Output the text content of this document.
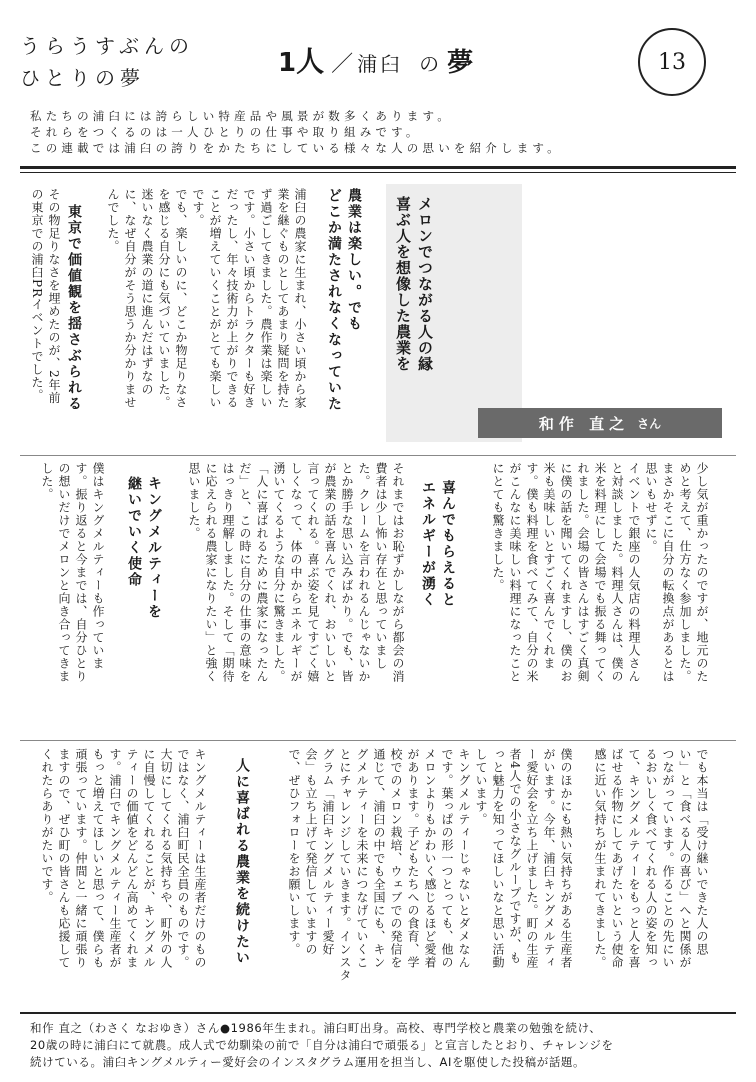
うらうすぶんの
ひとりの夢	1 人 ／ 浦臼 の 夢	13
私たちの浦臼には誇らしい特産品や風景が数多くあります。
それらをつくるのは一人ひとりの仕事や取り組みです。
この連載では浦臼の誇りをかたちにしている様々な人の思いを紹介します。
メロンでつながる人の縁
喜ぶ人を想像した農業を
和作 直之 さん
農業は楽しい。でも
どこか満たされなくなっていた
浦臼の農家に生まれ、小さい頃から家
業を継ぐものとしてあまり疑問を持た
ず過ごしてきました。農作業は楽しい
です。小さい頃からトラクターも好き
だったし、年々技術力が上がりできる
ことが増えていくことがとても楽しい
です。
でも、楽しいのに、どこか物足りなさ
を感じる自分にも気づいていました。
迷いなく農業の道に進んだはずなの
に、なぜ自分がそう思うか分かりませ
んでした。
東京で価値観を揺さぶられる
その物足りなさを埋めたのが、2年前
の東京での浦臼PRイベントでした。
少し気が重かったのですが、地元のた
めと考えて、仕方なく参加しました。
まさかそこに自分の転換点があるとは
思いもせずに。
イベントで銀座の人気店の料理人さん
と対談しました。料理人さんは、僕の
米を料理にして会場でも振る舞ってく
れました。会場の皆さんはすごく真剣
に僕の話を聞いてくれますし、僕のお
米も美味しいとすごく喜んでくれま
す。僕も料理を食べてみて、自分の米
がこんなに美味しい料理になったこと
にとても驚きました。
喜んでもらえると
エネルギーが湧く
それまではお恥ずかしながら都会の消
費者は少し怖い存在と思っていまし
た。クレームを言われるんじゃないか
とか勝手な思い込みばかり。でも、皆
が農業の話を喜んでくれ、おいしいと
言ってくれる。喜ぶ姿を見てすごく嬉
しくなって、体の中からエネルギーが
湧いてくるような自分に驚きました。
「人に喜ばれるために農家になったん
だ」と、この時に自分の仕事の意味を
はっきり理解しました。そして「期待
に応えられる農家になりたい」と強く
思いました。
キングメルティーを
継いでいく使命
僕はキングメルティーも作っていま
す。振り返ると今までは、自分ひとり
の想いだけでメロンと向き合ってきま
した。
でも本当は「受け継いできた人の思
い」と「食べる人の喜び」へと関係が
つながっています。作ることの先にい
るおいしく食べてくれる人の姿を知っ
て、キングメルティーをもっと人を喜
ばせる作物にしてあげたいという使命
感に近い気持ちが生まれてきました。
僕のほかにも熱い気持ちがある生産者
がいます。今年、浦臼キングメルティ
ー愛好会を立ち上げました。町の生産
者4人での小さなグループですが、も
っと魅力を知ってほしいなと思い活動
しています。
キングメルティーじゃないとダメなん
です。葉っぱの形一つとっても、他の
メロンよりもかわいく感じるほど愛着
があります。子どもたちへの食育、学
校でのメロン栽培、ウェブでの発信を
通じて、浦臼の中でも全国にも、キン
グメルティーを未来につなげていくこ
とにチャレンジしていきます。インスタ
グラム「浦臼キングメルティー愛好
会」も立ち上げて発信していますの
で、ぜひフォローをお願いします。
人に喜ばれる農業を続けたい
キングメルティーは生産者だけのもの
ではなく、浦臼町民全員のものです。
大切にしてくれる気持ちや、町外の人
に自慢してくれることが、キングメル
ティーの価値をどんどん高めてくれま
す。浦臼でキングメルティー生産者が
もっと増えてほしいと思って、僕らも
頑張っています。仲間と一緒に頑張り
ますので、ぜひ町の皆さんも応援して
くれたらありがたいです。
和作 直之（わさく なおゆき）さん●1986年生まれ。浦臼町出身。高校、専門学校と農業の勉強を続け、
20歳の時に浦臼にて就農。成人式で幼馴染の前で「自分は浦臼で頑張る」と宣言したとおり、チャレンジを
続けている。浦臼キングメルティー愛好会のインスタグラム運用を担当し、AIを駆使した投稿が話題。
